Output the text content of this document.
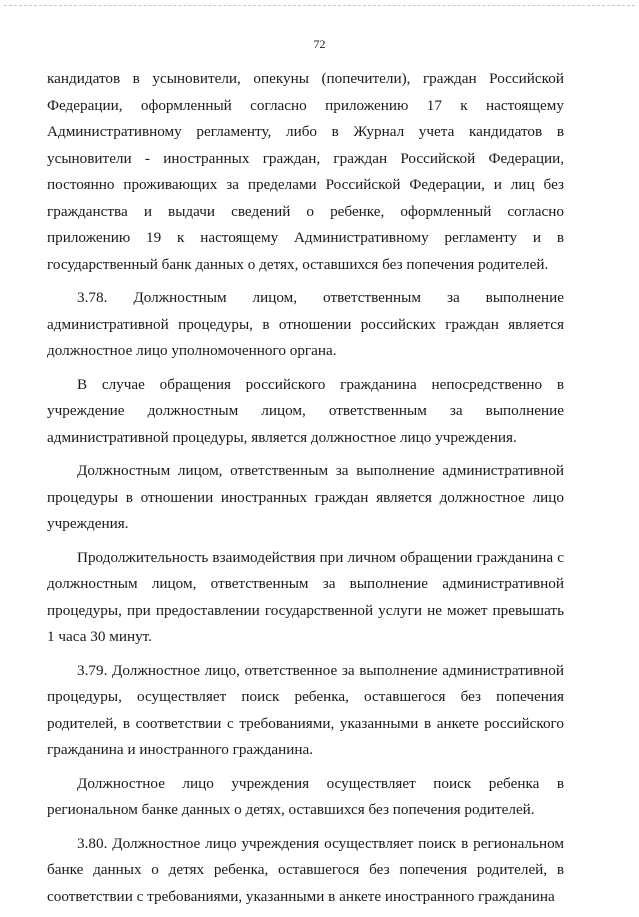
72

кандидатов в усыновители, опекуны (попечители), граждан Российской Федерации, оформленный согласно приложению 17 к настоящему Административному регламенту, либо в Журнал учета кандидатов в усыновители - иностранных граждан, граждан Российской Федерации, постоянно проживающих за пределами Российской Федерации, и лиц без гражданства и выдачи сведений о ребенке, оформленный согласно приложению 19 к настоящему Административному регламенту и в государственный банк данных о детях, оставшихся без попечения родителей.

3.78. Должностным лицом, ответственным за выполнение административной процедуры, в отношении российских граждан является должностное лицо уполномоченного органа.

В случае обращения российского гражданина непосредственно в учреждение должностным лицом, ответственным за выполнение административной процедуры, является должностное лицо учреждения.

Должностным лицом, ответственным за выполнение административной процедуры в отношении иностранных граждан является должностное лицо учреждения.

Продолжительность взаимодействия при личном обращении гражданина с должностным лицом, ответственным за выполнение административной процедуры, при предоставлении государственной услуги не может превышать 1 часа 30 минут.

3.79. Должностное лицо, ответственное за выполнение административной процедуры, осуществляет поиск ребенка, оставшегося без попечения родителей, в соответствии с требованиями, указанными в анкете российского гражданина и иностранного гражданина.

Должностное лицо учреждения осуществляет поиск ребенка в региональном банке данных о детях, оставшихся без попечения родителей.

3.80. Должностное лицо учреждения осуществляет поиск в региональном банке данных о детях ребенка, оставшегося без попечения родителей, в соответствии с требованиями, указанными в анкете иностранного гражданина
